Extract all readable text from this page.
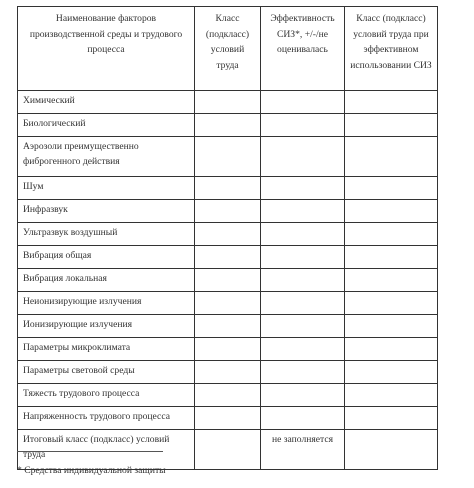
Наименование факторов производственной среды и трудового процесса	Класс (подкласс) условий труда	Эффективность СИЗ*, +/-/не оценивалась	Класс (подкласс) условий труда при эффективном использовании СИЗ
Химический			
Биологический			
Аэрозоли преимущественно фиброгенного действия			
Шум			
Инфразвук			
Ультразвук воздушный			
Вибрация общая			
Вибрация локальная			
Неионизирующие излучения			
Ионизирующие излучения			
Параметры микроклимата			
Параметры световой среды			
Тяжесть трудового процесса			
Напряженность трудового процесса			
Итоговый класс (подкласс) условий труда		не заполняется	
* Средства индивидуальной защиты
